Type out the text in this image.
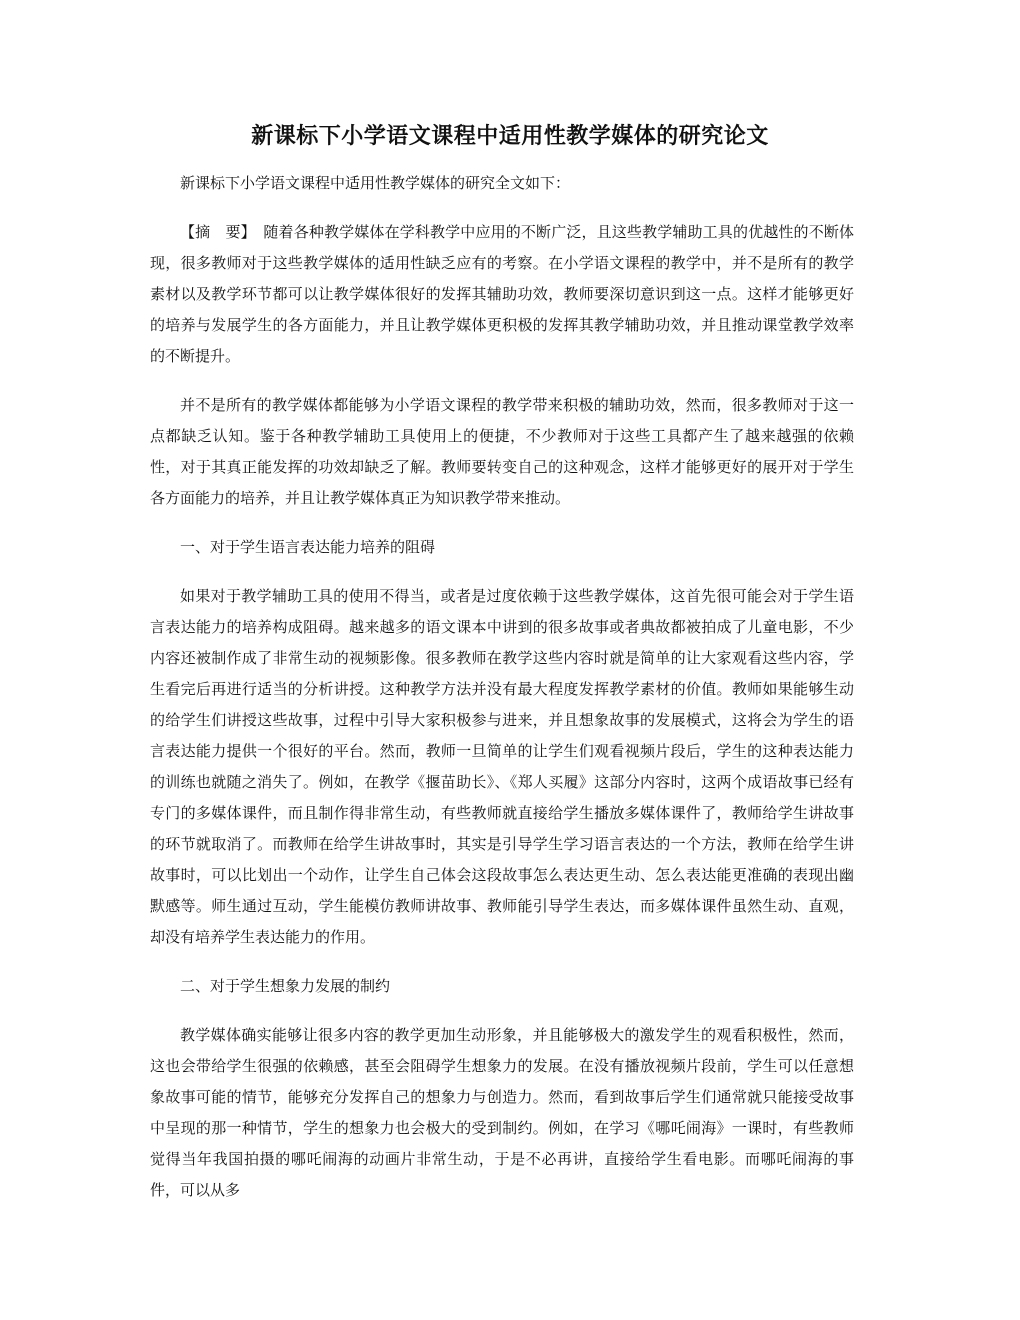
新课标下小学语文课程中适用性教学媒体的研究论文

新课标下小学语文课程中适用性教学媒体的研究全文如下：

【摘　要】　随着各种教学媒体在学科教学中应用的不断广泛，且这些教学辅助工具的优越性的不断体现，很多教师对于这些教学媒体的适用性缺乏应有的考察。在小学语文课程的教学中，并不是所有的教学素材以及教学环节都可以让教学媒体很好的发挥其辅助功效，教师要深切意识到这一点。这样才能够更好的培养与发展学生的各方面能力，并且让教学媒体更积极的发挥其教学辅助功效，并且推动课堂教学效率的不断提升。

并不是所有的教学媒体都能够为小学语文课程的教学带来积极的辅助功效，然而，很多教师对于这一点都缺乏认知。鉴于各种教学辅助工具使用上的便捷，不少教师对于这些工具都产生了越来越强的依赖性，对于其真正能发挥的功效却缺乏了解。教师要转变自己的这种观念，这样才能够更好的展开对于学生各方面能力的培养，并且让教学媒体真正为知识教学带来推动。

一、对于学生语言表达能力培养的阻碍

如果对于教学辅助工具的使用不得当，或者是过度依赖于这些教学媒体，这首先很可能会对于学生语言表达能力的培养构成阻碍。越来越多的语文课本中讲到的很多故事或者典故都被拍成了儿童电影，不少内容还被制作成了非常生动的视频影像。很多教师在教学这些内容时就是简单的让大家观看这些内容，学生看完后再进行适当的分析讲授。这种教学方法并没有最大程度发挥教学素材的价值。教师如果能够生动的给学生们讲授这些故事，过程中引导大家积极参与进来，并且想象故事的发展模式，这将会为学生的语言表达能力提供一个很好的平台。然而，教师一旦简单的让学生们观看视频片段后，学生的这种表达能力的训练也就随之消失了。例如，在教学《揠苗助长》、《郑人买履》这部分内容时，这两个成语故事已经有专门的多媒体课件，而且制作得非常生动，有些教师就直接给学生播放多媒体课件了，教师给学生讲故事的环节就取消了。而教师在给学生讲故事时，其实是引导学生学习语言表达的一个方法，教师在给学生讲故事时，可以比划出一个动作，让学生自己体会这段故事怎么表达更生动、怎么表达能更准确的表现出幽默感等。师生通过互动，学生能模仿教师讲故事、教师能引导学生表达，而多媒体课件虽然生动、直观，却没有培养学生表达能力的作用。

二、对于学生想象力发展的制约

教学媒体确实能够让很多内容的教学更加生动形象，并且能够极大的激发学生的观看积极性，然而，这也会带给学生很强的依赖感，甚至会阻碍学生想象力的发展。在没有播放视频片段前，学生可以任意想象故事可能的情节，能够充分发挥自己的想象力与创造力。然而，看到故事后学生们通常就只能接受故事中呈现的那一种情节，学生的想象力也会极大的受到制约。例如，在学习《哪吒闹海》一课时，有些教师觉得当年我国拍摄的哪吒闹海的动画片非常生动，于是不必再讲，直接给学生看电影。而哪吒闹海的事件，可以从多
